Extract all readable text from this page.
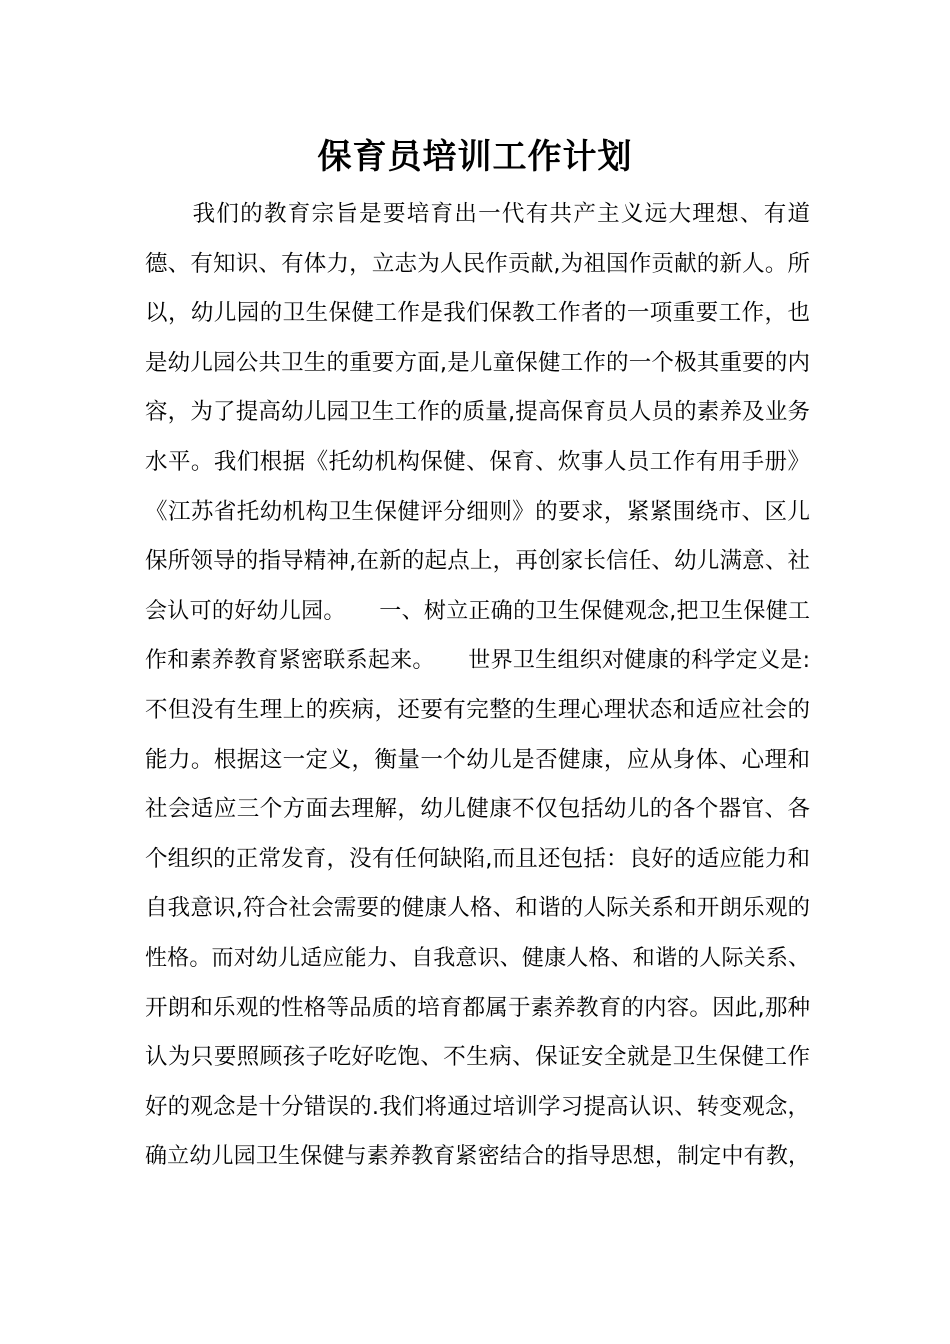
保育员培训工作计划
　　我们的教育宗旨是要培育出一代有共产主义远大理想、有道
德、有知识、有体力，立志为人民作贡献,为祖国作贡献的新人。所
以，幼儿园的卫生保健工作是我们保教工作者的一项重要工作，也
是幼儿园公共卫生的重要方面,是儿童保健工作的一个极其重要的内
容，为了提高幼儿园卫生工作的质量,提高保育员人员的素养及业务
水平。我们根据《托幼机构保健、保育、炊事人员工作有用手册》
《江苏省托幼机构卫生保健评分细则》的要求，紧紧围绕市、区儿
保所领导的指导精神,在新的起点上，再创家长信任、幼儿满意、社
会认可的好幼儿园。　　一、树立正确的卫生保健观念,把卫生保健工
作和素养教育紧密联系起来。　　世界卫生组织对健康的科学定义是:
不但没有生理上的疾病，还要有完整的生理心理状态和适应社会的
能力。根据这一定义，衡量一个幼儿是否健康，应从身体、心理和
社会适应三个方面去理解，幼儿健康不仅包括幼儿的各个器官、各
个组织的正常发育，没有任何缺陷,而且还包括：良好的适应能力和
自我意识,符合社会需要的健康人格、和谐的人际关系和开朗乐观的
性格。而对幼儿适应能力、自我意识、健康人格、和谐的人际关系、
开朗和乐观的性格等品质的培育都属于素养教育的内容。因此,那种
认为只要照顾孩子吃好吃饱、不生病、保证安全就是卫生保健工作
好的观念是十分错误的.我们将通过培训学习提高认识、转变观念，
确立幼儿园卫生保健与素养教育紧密结合的指导思想，制定中有教，
